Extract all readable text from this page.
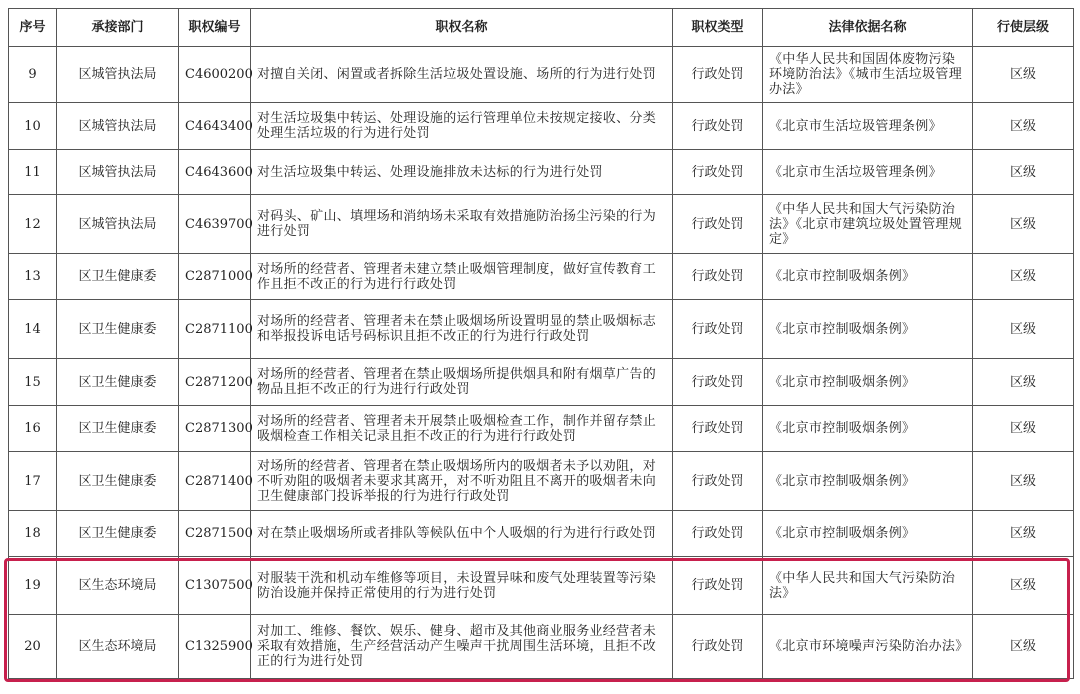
序号	承接部门	职权编号	职权名称	职权类型	法律依据名称	行使层级
9	区城管执法局	C4600200	对擅自关闭、闲置或者拆除生活垃圾处置设施、场所的行为进行处罚	行政处罚	《中华人民共和国固体废物污染环境防治法》《城市生活垃圾管理办法》	区级
10	区城管执法局	C4643400	对生活垃圾集中转运、处理设施的运行管理单位未按规定接收、分类处理生活垃圾的行为进行处罚	行政处罚	《北京市生活垃圾管理条例》	区级
11	区城管执法局	C4643600	对生活垃圾集中转运、处理设施排放未达标的行为进行处罚	行政处罚	《北京市生活垃圾管理条例》	区级
12	区城管执法局	C4639700	对码头、矿山、填埋场和消纳场未采取有效措施防治扬尘污染的行为进行处罚	行政处罚	《中华人民共和国大气污染防治法》《北京市建筑垃圾处置管理规定》	区级
13	区卫生健康委	C2871000	对场所的经营者、管理者未建立禁止吸烟管理制度，做好宣传教育工作且拒不改正的行为进行行政处罚	行政处罚	《北京市控制吸烟条例》	区级
14	区卫生健康委	C2871100	对场所的经营者、管理者未在禁止吸烟场所设置明显的禁止吸烟标志和举报投诉电话号码标识且拒不改正的行为进行行政处罚	行政处罚	《北京市控制吸烟条例》	区级
15	区卫生健康委	C2871200	对场所的经营者、管理者在禁止吸烟场所提供烟具和附有烟草广告的物品且拒不改正的行为进行行政处罚	行政处罚	《北京市控制吸烟条例》	区级
16	区卫生健康委	C2871300	对场所的经营者、管理者未开展禁止吸烟检查工作，制作并留存禁止吸烟检查工作相关记录且拒不改正的行为进行行政处罚	行政处罚	《北京市控制吸烟条例》	区级
17	区卫生健康委	C2871400	对场所的经营者、管理者在禁止吸烟场所内的吸烟者未予以劝阻，对不听劝阻的吸烟者未要求其离开，对不听劝阻且不离开的吸烟者未向卫生健康部门投诉举报的行为进行行政处罚	行政处罚	《北京市控制吸烟条例》	区级
18	区卫生健康委	C2871500	对在禁止吸烟场所或者排队等候队伍中个人吸烟的行为进行行政处罚	行政处罚	《北京市控制吸烟条例》	区级
19	区生态环境局	C1307500	对服装干洗和机动车维修等项目，未设置异味和废气处理装置等污染防治设施并保持正常使用的行为进行处罚	行政处罚	《中华人民共和国大气污染防治法》	区级
20	区生态环境局	C1325900	对加工、维修、餐饮、娱乐、健身、超市及其他商业服务业经营者未采取有效措施，生产经营活动产生噪声干扰周围生活环境，且拒不改正的行为进行处罚	行政处罚	《北京市环境噪声污染防治办法》	区级
